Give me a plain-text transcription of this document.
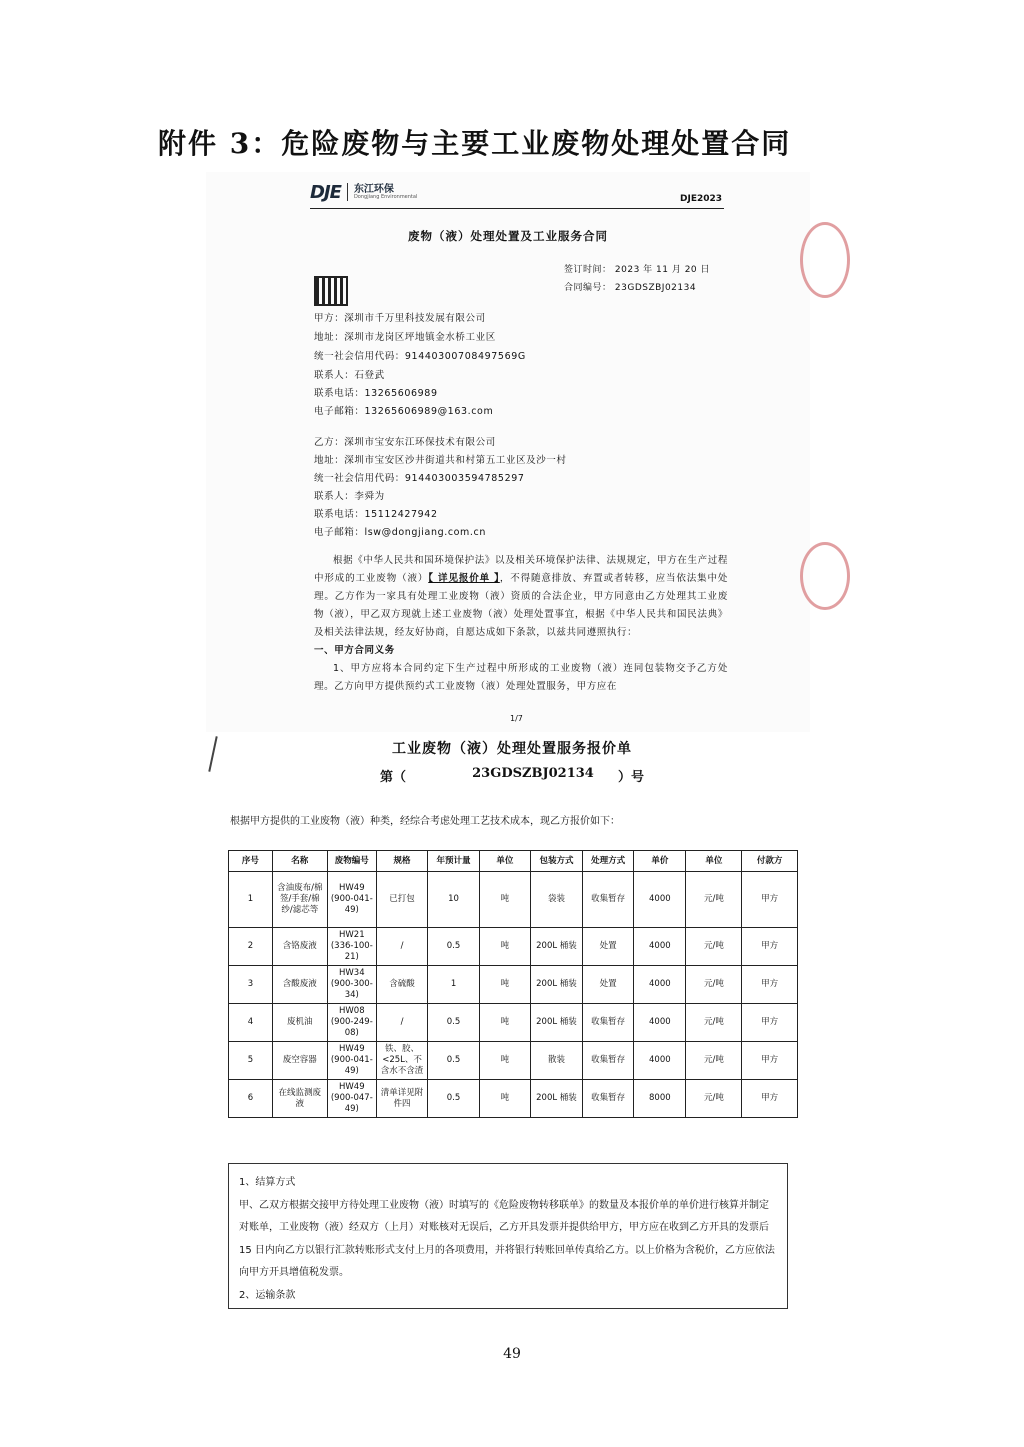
附件 3：危险废物与主要工业废物处理处置合同
DJE 东江环保
Dongjiang Environmental	DJE2023
废物（液）处理处置及工业服务合同
签订时间： 2023 年 11 月 20 日
合同编号： 23GDSZBJ02134
甲方：深圳市千万里科技发展有限公司
地址：深圳市龙岗区坪地镇金水桥工业区
统一社会信用代码：91440300708497569G
联系人：石登武
联系电话：13265606989
电子邮箱：13265606989@163.com
乙方：深圳市宝安东江环保技术有限公司
地址：深圳市宝安区沙井街道共和村第五工业区及沙一村
统一社会信用代码：914403003594785297
联系人：李舜为
联系电话：15112427942
电子邮箱：lsw@dongjiang.com.cn

根据《中华人民共和国环境保护法》以及相关环境保护法律、法规规定，甲方在生产过程中形成的工业废物（液）【 详见报价单 】，不得随意排放、弃置或者转移，应当依法集中处理。乙方作为一家具有处理工业废物（液）资质的合法企业，甲方同意由乙方处理其工业废物（液），甲乙双方现就上述工业废物（液）处理处置事宜，根据《中华人民共和国民法典》及相关法律法规，经友好协商，自愿达成如下条款，以兹共同遵照执行：

一、甲方合同义务

1、甲方应将本合同约定下生产过程中所形成的工业废物（液）连同包装物交予乙方处理。乙方向甲方提供预约式工业废物（液）处理处置服务，甲方应在

1/7
工业废物（液）处理处置服务报价单
第（	23GDSZBJ02134	）号
根据甲方提供的工业废物（液）种类，经综合考虑处理工艺技术成本，现乙方报价如下：
序号	名称	废物编号	规格	年预计量	单位	包装方式	处理方式	单价	单位	付款方
1	含油废布/棉签/手套/棉纱/滤芯等	HW49 (900-041-49)	已打包	10	吨	袋装	收集暂存	4000	元/吨	甲方
2	含铬废液	HW21 (336-100-21)	/	0.5	吨	200L 桶装	处置	4000	元/吨	甲方
3	含酸废液	HW34 (900-300-34)	含硫酸	1	吨	200L 桶装	处置	4000	元/吨	甲方
4	废机油	HW08 (900-249-08)	/	0.5	吨	200L 桶装	收集暂存	4000	元/吨	甲方
5	废空容器	HW49 (900-041-49)	铁、胶、<25L、不含水不含渣	0.5	吨	散装	收集暂存	4000	元/吨	甲方
6	在线监测废液	HW49 (900-047-49)	清单详见附件四	0.5	吨	200L 桶装	收集暂存	8000	元/吨	甲方

1、结算方式

甲、乙双方根据交接甲方待处理工业废物（液）时填写的《危险废物转移联单》的数量及本报价单的单价进行核算并制定对账单，工业废物（液）经双方（上月）对账核对无误后，乙方开具发票并提供给甲方，甲方应在收到乙方开具的发票后 15 日内向乙方以银行汇款转账形式支付上月的各项费用，并将银行转账回单传真给乙方。以上价格为含税价，乙方应依法向甲方开具增值税发票。

2、运输条款

49
